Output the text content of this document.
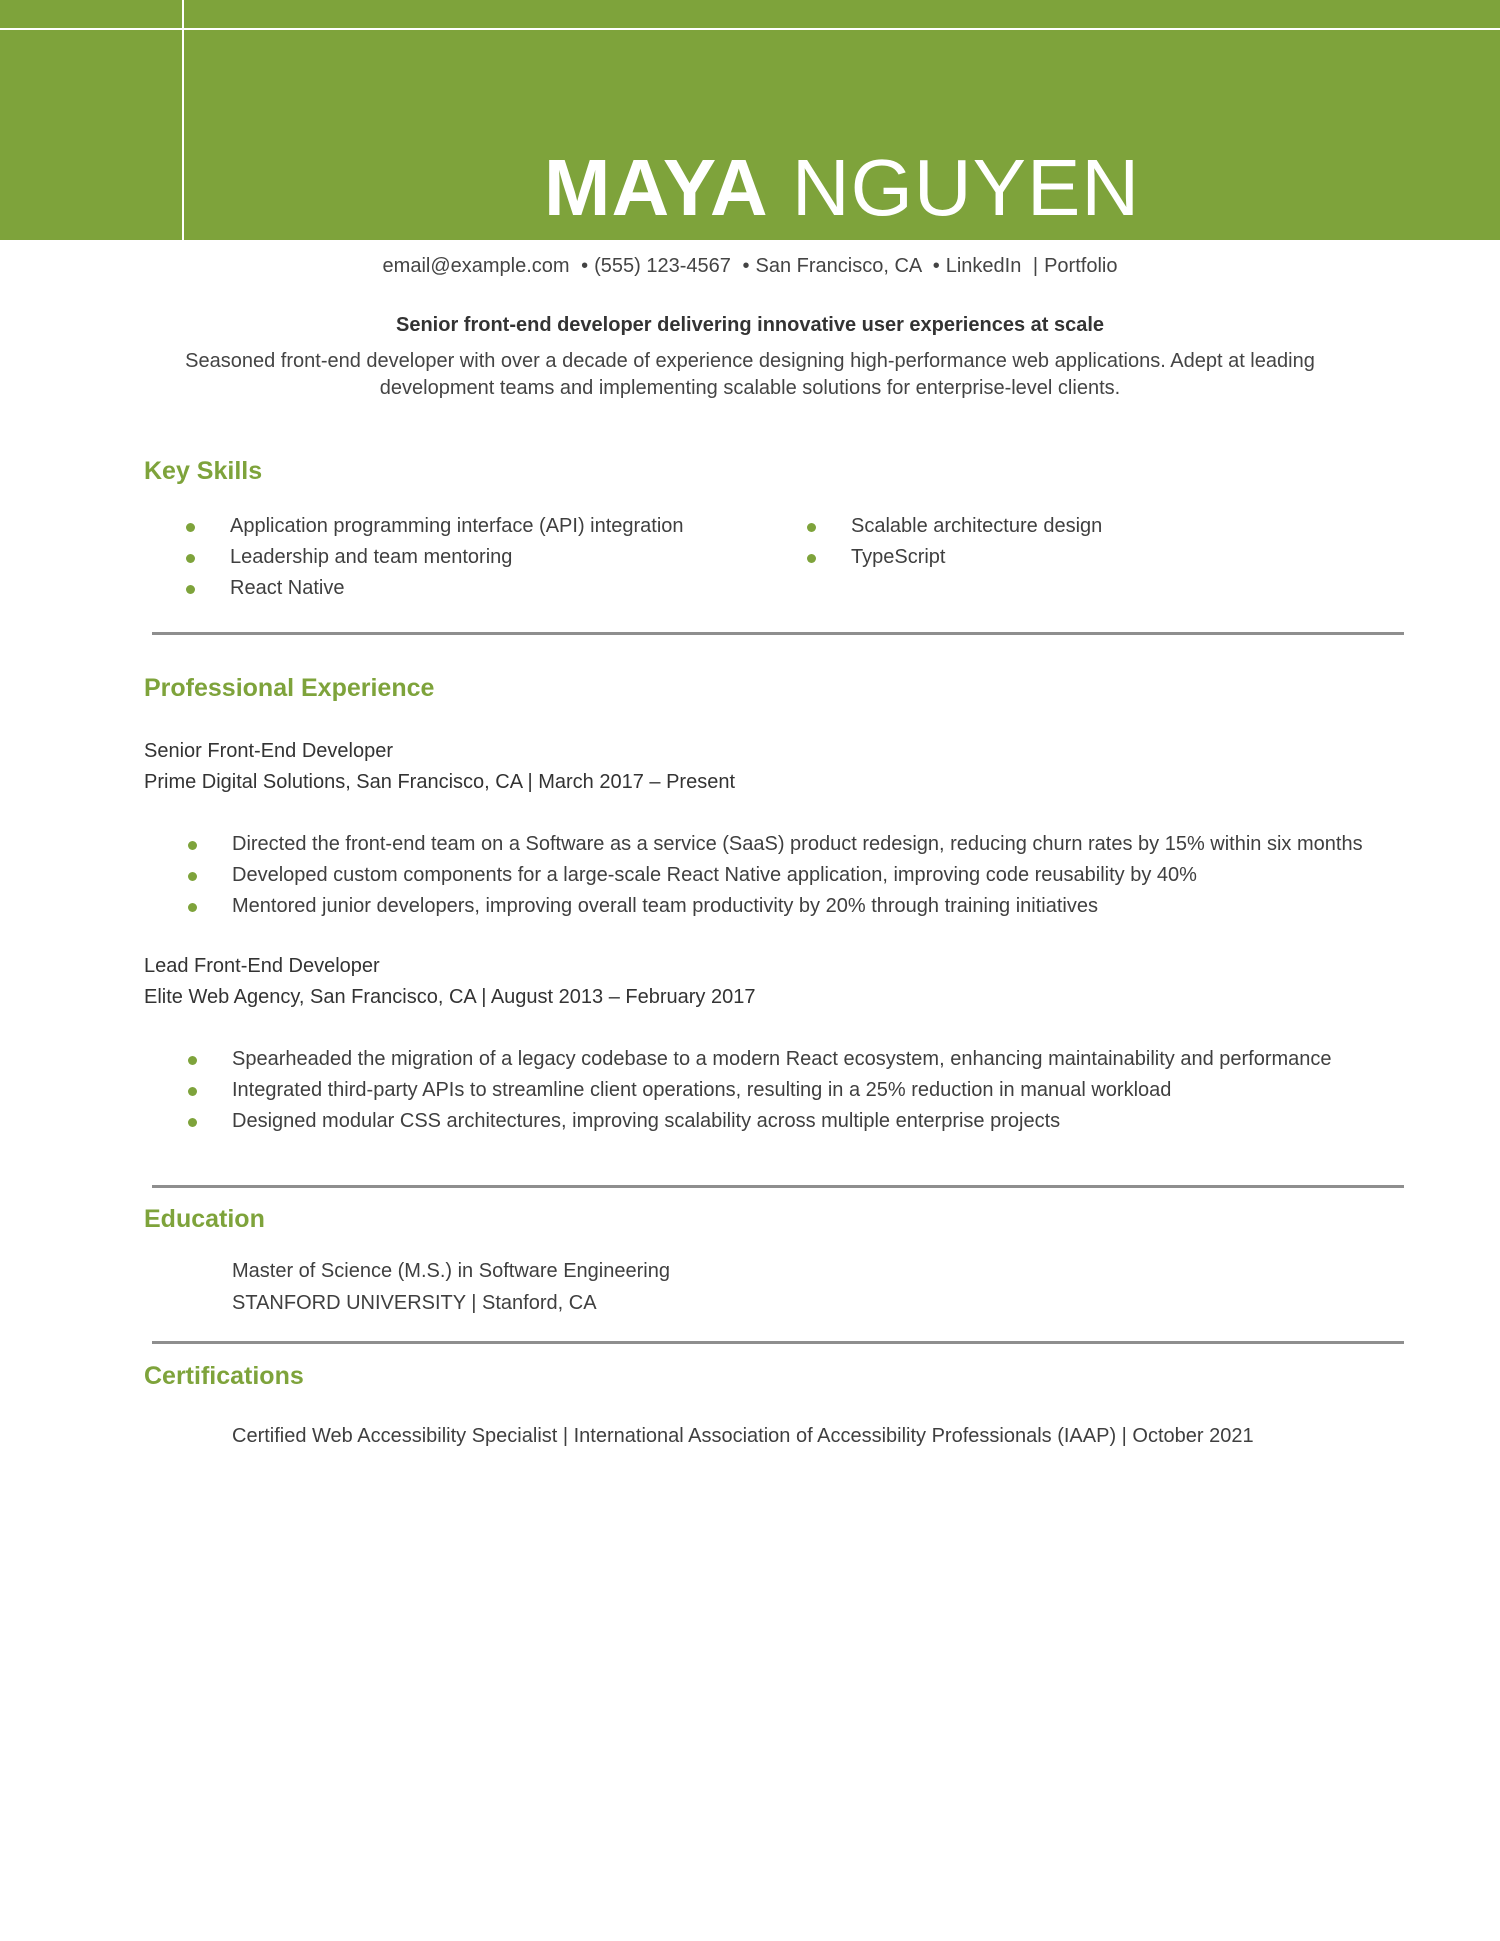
MAYA NGUYEN
email@example.com • (555) 123-4567 • San Francisco, CA • LinkedIn | Portfolio
Senior front-end developer delivering innovative user experiences at scale
Seasoned front-end developer with over a decade of experience designing high-performance web applications. Adept at leading development teams and implementing scalable solutions for enterprise-level clients.
Key Skills
Application programming interface (API) integration
Leadership and team mentoring
React Native
Scalable architecture design
TypeScript
Professional Experience
Senior Front-End Developer
Prime Digital Solutions, San Francisco, CA | March 2017 – Present
Directed the front-end team on a Software as a service (SaaS) product redesign, reducing churn rates by 15% within six months
Developed custom components for a large-scale React Native application, improving code reusability by 40%
Mentored junior developers, improving overall team productivity by 20% through training initiatives
Lead Front-End Developer
Elite Web Agency, San Francisco, CA | August 2013 – February 2017
Spearheaded the migration of a legacy codebase to a modern React ecosystem, enhancing maintainability and performance
Integrated third-party APIs to streamline client operations, resulting in a 25% reduction in manual workload
Designed modular CSS architectures, improving scalability across multiple enterprise projects
Education
Master of Science (M.S.) in Software Engineering
STANFORD UNIVERSITY | Stanford, CA
Certifications
Certified Web Accessibility Specialist | International Association of Accessibility Professionals (IAAP) | October 2021
